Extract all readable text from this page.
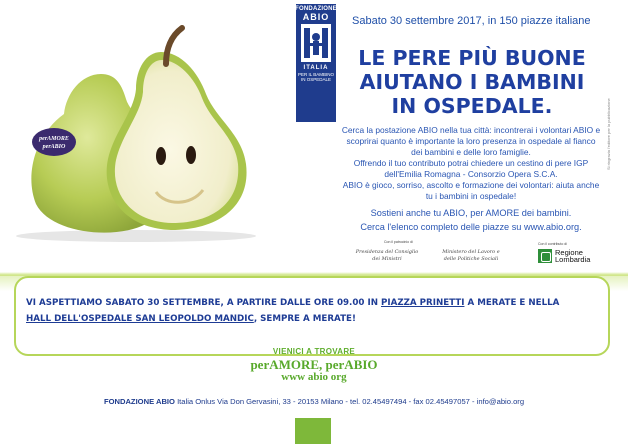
perAMORE
perABIO
FONDAZIONE
ABIO
ITALIA
PER IL BAMBINO IN OSPEDALE
Sabato 30 settembre 2017, in 150 piazze italiane
LE PERE PIÙ BUONE
AIUTANO I BAMBINI
IN OSPEDALE.
Cerca la postazione ABIO nella tua città: incontrerai i volontari ABIO e scoprirai quanto è importante la loro presenza in ospedale al fianco dei bambini e delle loro famiglie.
Offrendo il tuo contributo potrai chiedere un cestino di pere IGP dell'Emilia Romagna - Consorzio Opera S.C.A.
ABIO è gioco, sorriso, ascolto e formazione dei volontari: aiuta anche tu i bambini in ospedale!
Sostieni anche tu ABIO, per AMORE dei bambini.
Cerca l'elenco completo delle piazze su www.abio.org.
Con il patrocinio di
Presidenza del Consiglio dei Ministri
Ministero del Lavoro e delle Politiche Sociali
Con il contributo di
Regione
Lombardia
Si ringrazia l'editore per la pubblicazione
VI ASPETTIAMO SABATO 30 SETTEMBRE, A PARTIRE DALLE ORE 09.00 IN PIAZZA PRINETTI A MERATE E NELLA
HALL DELL'OSPEDALE SAN LEOPOLDO MANDIC, SEMPRE A MERATE!
VIENICI A TROVARE
perAMORE, perABIO
www abio org
FONDAZIONE ABIO Italia Onlus Via Don Gervasini, 33 - 20153 Milano - tel. 02.45497494 - fax 02.45497057 - info@abio.org
